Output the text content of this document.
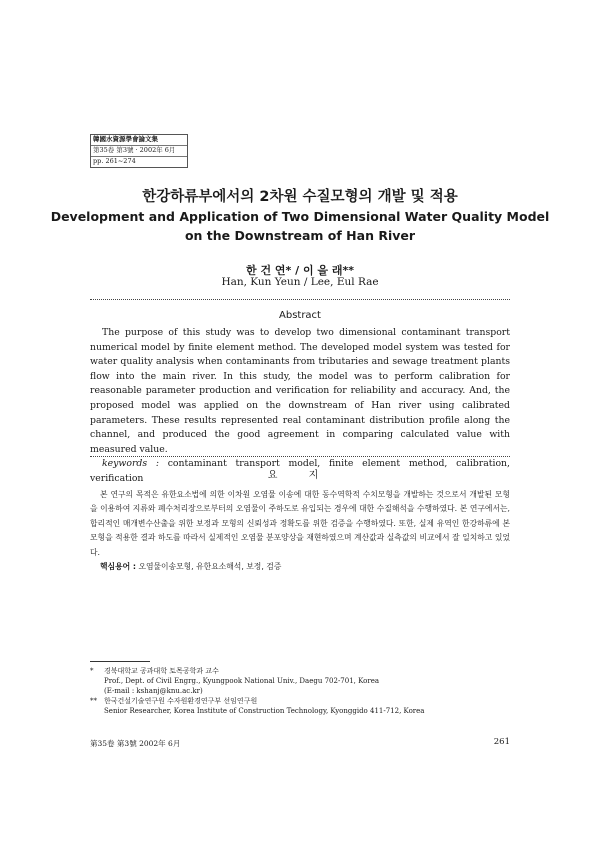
韓國水資源學會論文集
第35卷 第3號 · 2002年 6月
pp. 261~274
한강하류부에서의 2차원 수질모형의 개발 및 적용
Development and Application of Two Dimensional Water Quality Model
on the Downstream of Han River
한 건 연* / 이 을 래**
Han, Kun Yeun / Lee, Eul Rae
Abstract

The purpose of this study was to develop two dimensional contaminant transport numerical model by finite element method. The developed model system was tested for water quality analysis when contaminants from tributaries and sewage treatment plants flow into the main river. In this study, the model was to perform calibration for reasonable parameter production and verification for reliability and accuracy. And, the proposed model was applied on the downstream of Han river using calibrated parameters. These results represented real contaminant distribution profile along the channel, and produced the good agreement in comparing calculated value with measured value.

keywords : contaminant transport model, finite element method, calibration, verification	요 지

본 연구의 목적은 유한요소법에 의한 이차원 오염물 이송에 대한 동수역학적 수치모형을 개발하는 것으로서 개발된 모형을 이용하여 지류와 폐수처리장으로부터의 오염물이 주하도로 유입되는 경우에 대한 수질해석을 수행하였다. 본 연구에서는, 합리적인 매개변수산출을 위한 보정과 모형의 신뢰성과 정확도를 위한 검증을 수행하였다. 또한, 실제 유역인 한강하류에 본 모형을 적용한 결과 하도를 따라서 실제적인 오염물 분포양상을 재현하였으며 계산값과 실측값의 비교에서 잘 일치하고 있었다.

핵심용어 : 오염물이송모형, 유한요소해석, 보정, 검증

*	경북대학교 공과대학 토목공학과 교수
Prof., Dept. of Civil Engrg., Kyungpook National Univ., Daegu 702-701, Korea
(E-mail : kshanj@knu.ac.kr)
**	한국건설기술연구원 수자원환경연구부 선임연구원
Senior Researcher, Korea Institute of Construction Technology, Kyonggido 411-712, Korea
第35卷 第3號 2002年 6月	261
